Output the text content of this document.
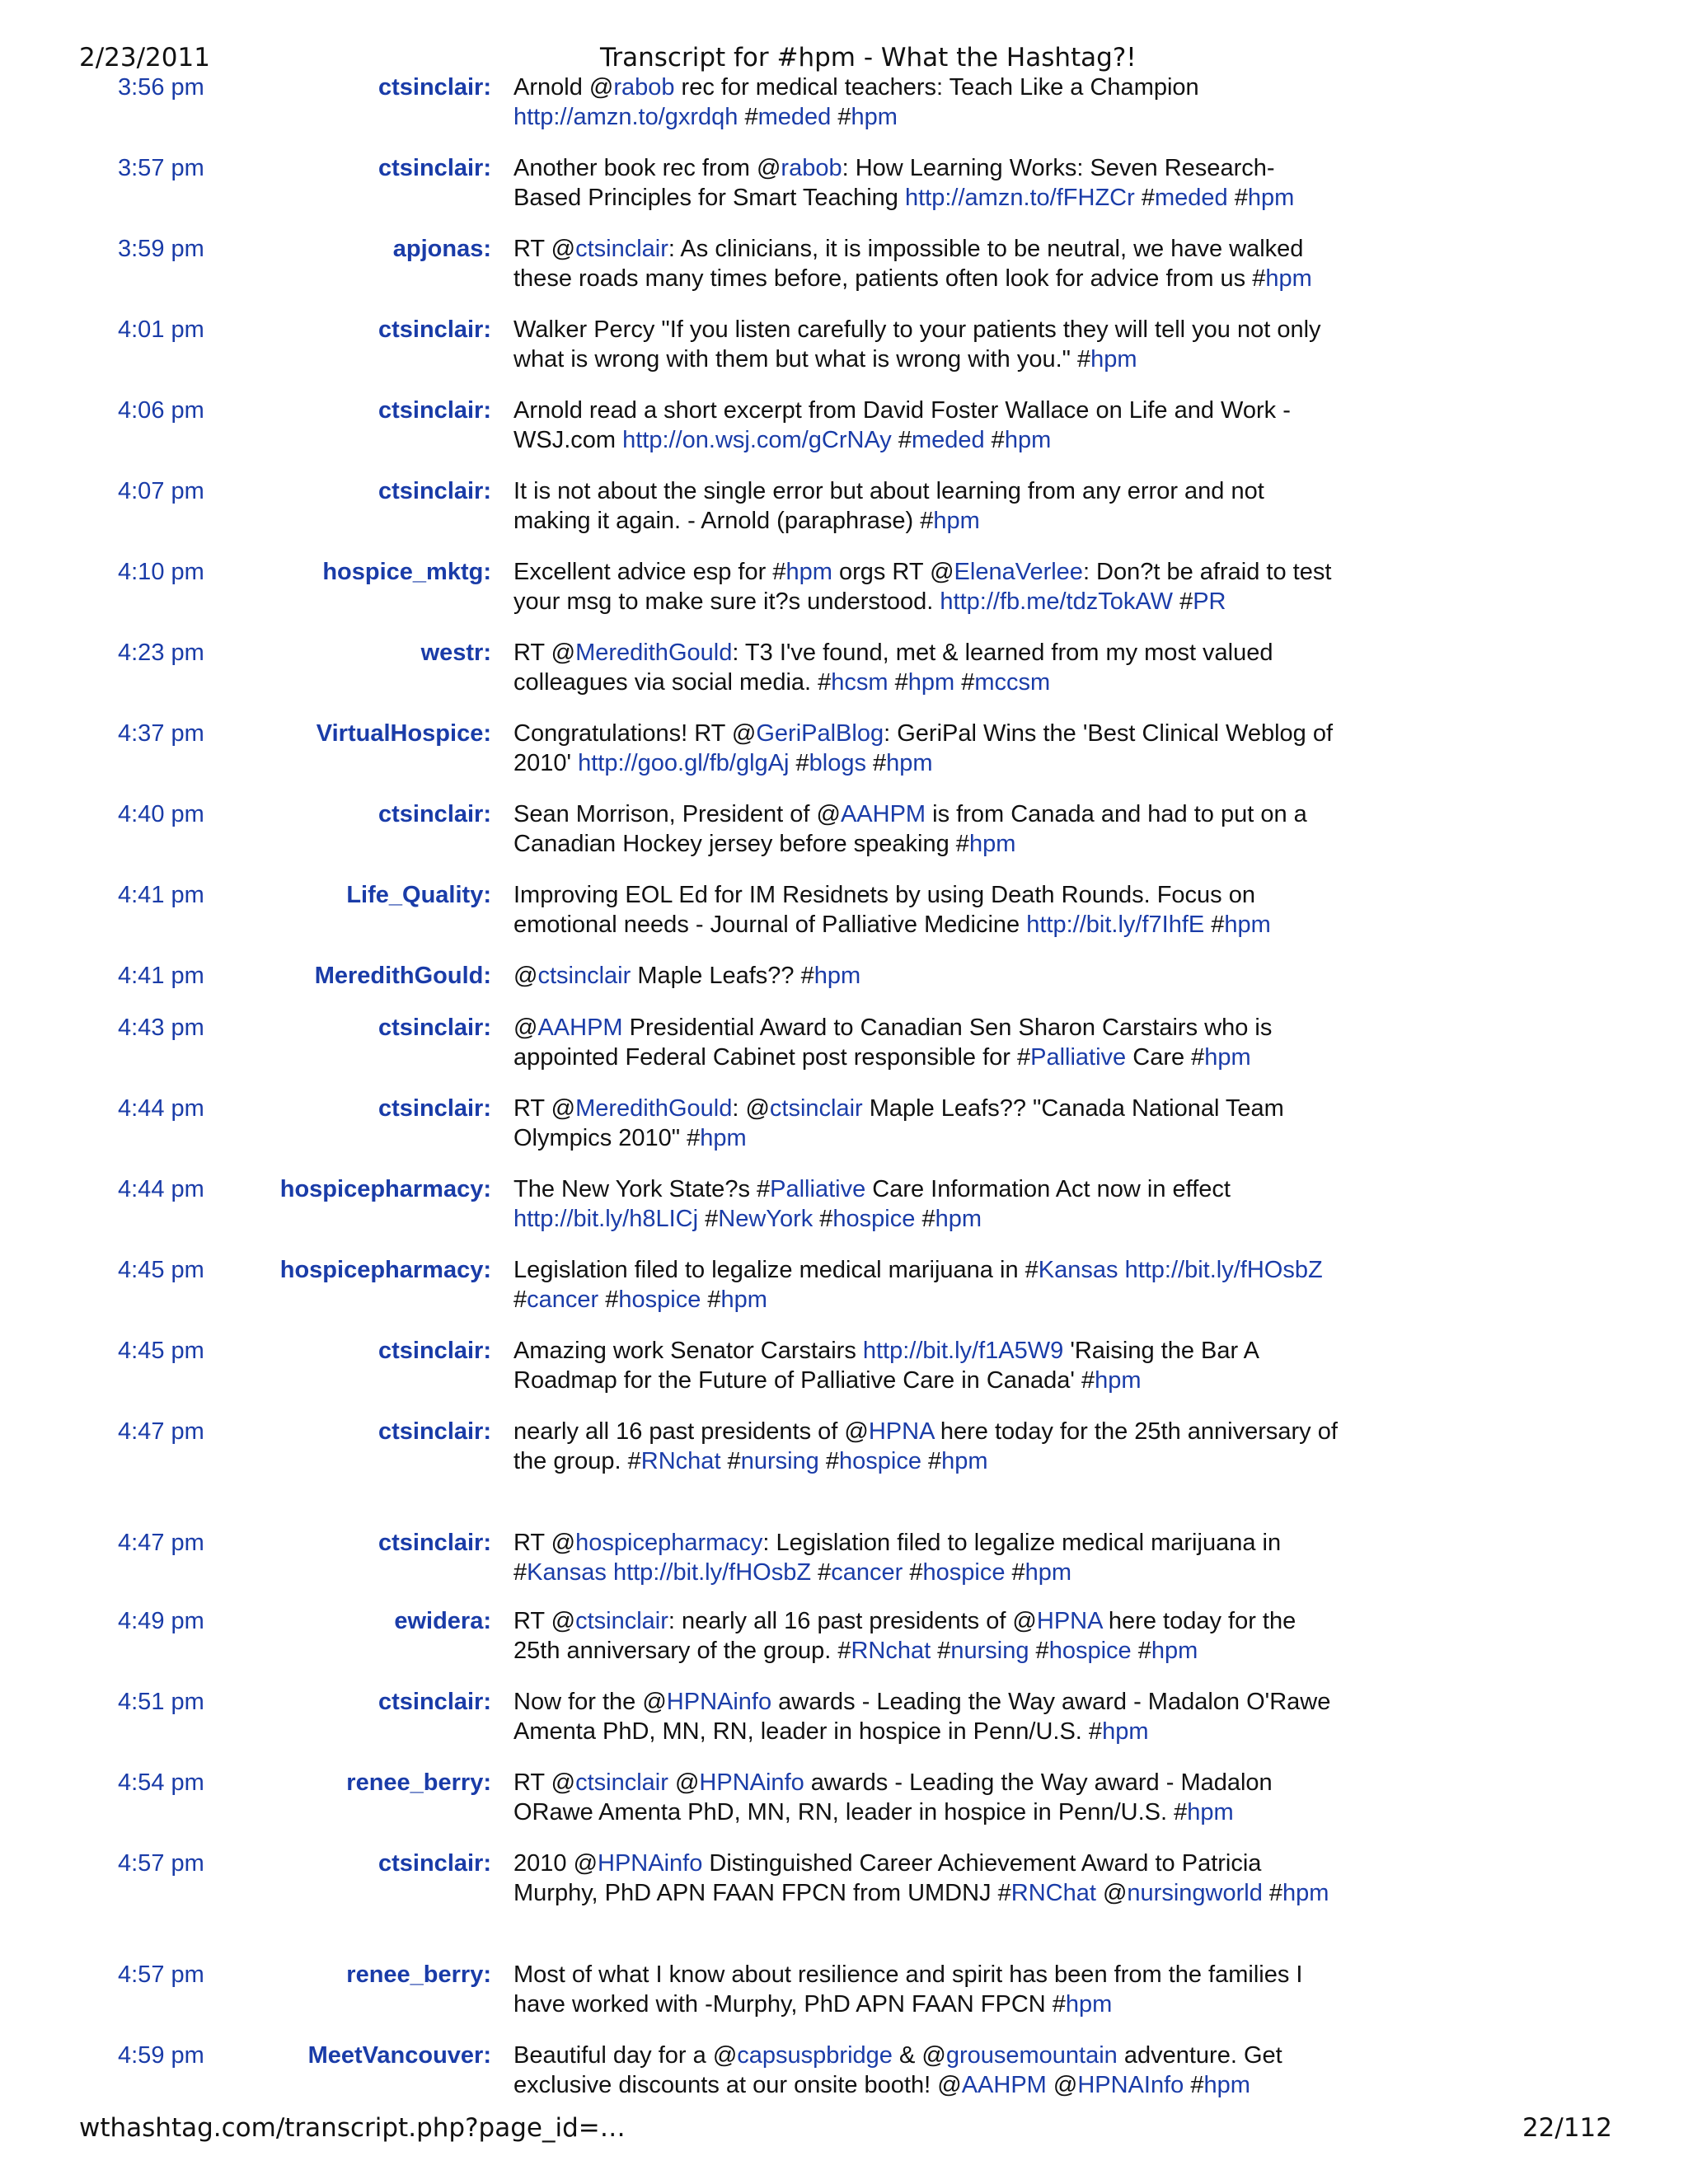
2/23/2011	Transcript for #hpm - What the Hashtag?!
3:56 pm	ctsinclair: Arnold @rabob rec for medical teachers: Teach Like a Champion http://amzn.to/gxrdqh #meded #hpm
3:57 pm	ctsinclair: Another book rec from @rabob: How Learning Works: Seven Research-Based Principles for Smart Teaching http://amzn.to/fFHZCr #meded #hpm
3:59 pm	apjonas: RT @ctsinclair: As clinicians, it is impossible to be neutral, we have walked these roads many times before, patients often look for advice from us #hpm
4:01 pm	ctsinclair: Walker Percy "If you listen carefully to your patients they will tell you not only what is wrong with them but what is wrong with you." #hpm
4:06 pm	ctsinclair: Arnold read a short excerpt from David Foster Wallace on Life and Work - WSJ.com http://on.wsj.com/gCrNAy #meded #hpm
4:07 pm	ctsinclair: It is not about the single error but about learning from any error and not making it again. - Arnold (paraphrase) #hpm
4:10 pm	hospice_mktg: Excellent advice esp for #hpm orgs RT @ElenaVerlee: Don?t be afraid to test your msg to make sure it?s understood. http://fb.me/tdzTokAW #PR
4:23 pm	westr: RT @MeredithGould: T3 I've found, met & learned from my most valued colleagues via social media. #hcsm #hpm #mccsm
4:37 pm	VirtualHospice: Congratulations! RT @GeriPalBlog: GeriPal Wins the 'Best Clinical Weblog of 2010' http://goo.gl/fb/glgAj #blogs #hpm
4:40 pm	ctsinclair: Sean Morrison, President of @AAHPM is from Canada and had to put on a Canadian Hockey jersey before speaking #hpm
4:41 pm	Life_Quality: Improving EOL Ed for IM Residnets by using Death Rounds. Focus on emotional needs - Journal of Palliative Medicine http://bit.ly/f7IhfE #hpm
4:41 pm	MeredithGould: @ctsinclair Maple Leafs?? #hpm
4:43 pm	ctsinclair: @AAHPM Presidential Award to Canadian Sen Sharon Carstairs who is appointed Federal Cabinet post responsible for #Palliative Care #hpm
4:44 pm	ctsinclair: RT @MeredithGould: @ctsinclair Maple Leafs?? "Canada National Team Olympics 2010" #hpm
4:44 pm	hospicepharmacy: The New York State?s #Palliative Care Information Act now in effect http://bit.ly/h8LICj #NewYork #hospice #hpm
4:45 pm	hospicepharmacy: Legislation filed to legalize medical marijuana in #Kansas http://bit.ly/fHOsbZ #cancer #hospice #hpm
4:45 pm	ctsinclair: Amazing work Senator Carstairs http://bit.ly/f1A5W9 'Raising the Bar A Roadmap for the Future of Palliative Care in Canada' #hpm
4:47 pm	ctsinclair: nearly all 16 past presidents of @HPNA here today for the 25th anniversary of the group. #RNchat #nursing #hospice #hpm
4:47 pm	ctsinclair: RT @hospicepharmacy: Legislation filed to legalize medical marijuana in #Kansas http://bit.ly/fHOsbZ #cancer #hospice #hpm
4:49 pm	ewidera: RT @ctsinclair: nearly all 16 past presidents of @HPNA here today for the 25th anniversary of the group. #RNchat #nursing #hospice #hpm
4:51 pm	ctsinclair: Now for the @HPNAinfo awards - Leading the Way award - Madalon O'Rawe Amenta PhD, MN, RN, leader in hospice in Penn/U.S. #hpm
4:54 pm	renee_berry: RT @ctsinclair @HPNAinfo awards - Leading the Way award - Madalon ORawe Amenta PhD, MN, RN, leader in hospice in Penn/U.S. #hpm
4:57 pm	ctsinclair: 2010 @HPNAinfo Distinguished Career Achievement Award to Patricia Murphy, PhD APN FAAN FPCN from UMDNJ #RNChat @nursingworld #hpm
4:57 pm	renee_berry: Most of what I know about resilience and spirit has been from the families I have worked with -Murphy, PhD APN FAAN FPCN #hpm
4:59 pm	MeetVancouver: Beautiful day for a @capsuspbridge & @grousemountain adventure. Get exclusive discounts at our onsite booth! @AAHPM @HPNAInfo #hpm
wthashtag.com/transcript.php?page_id=…	22/112
